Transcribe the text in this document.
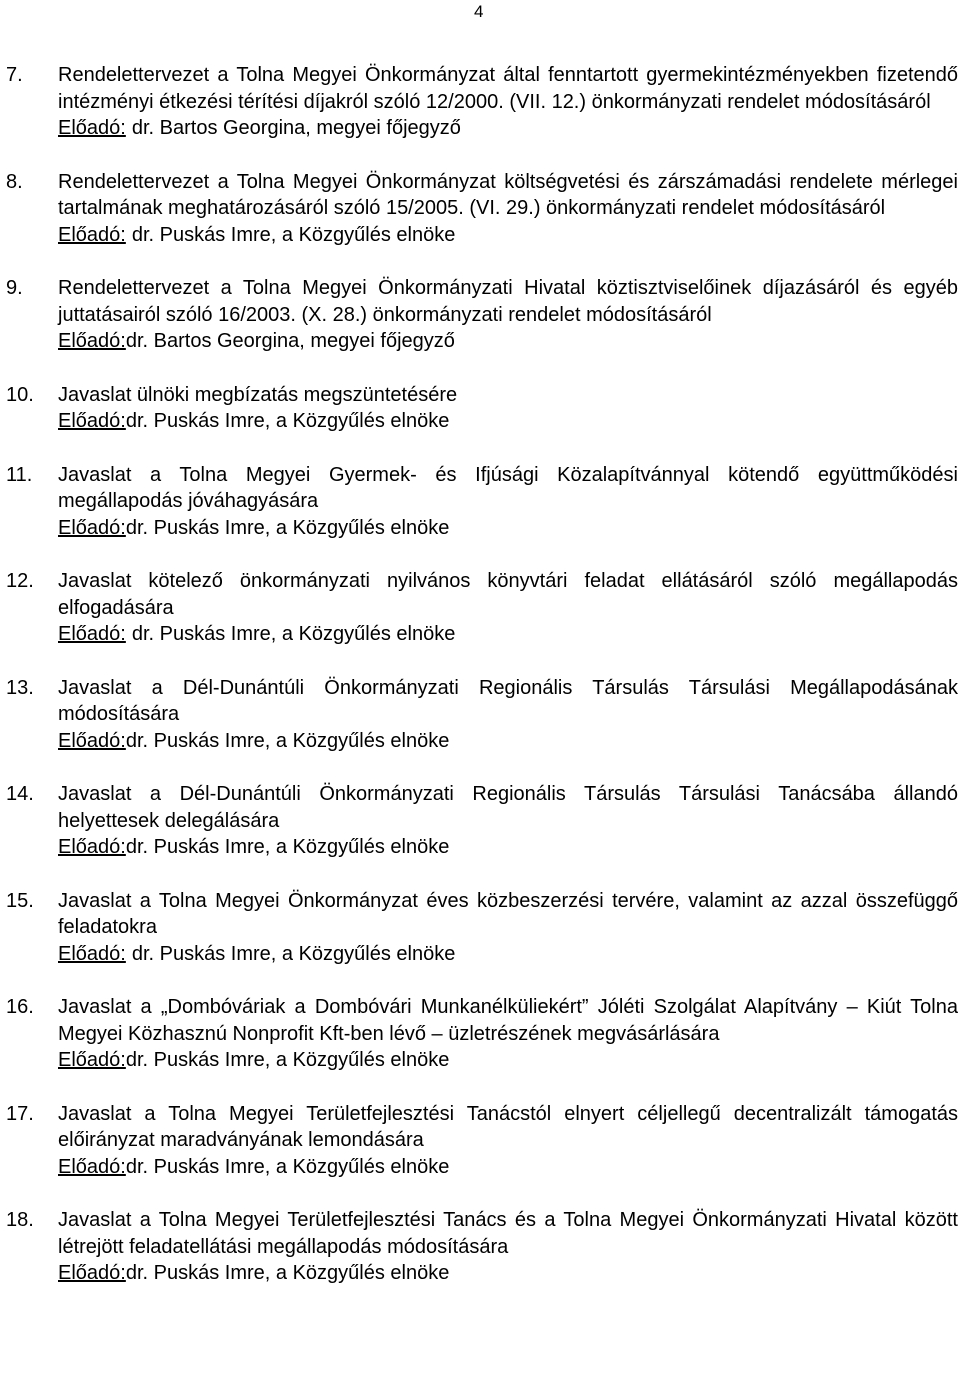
4
7.	Rendelettervezet a Tolna Megyei Önkormányzat által fenntartott gyermekintézményekben fizetendő intézményi étkezési térítési díjakról szóló 12/2000. (VII. 12.) önkormányzati rendelet módosításáról
Előadó: dr. Bartos Georgina, megyei főjegyző
8.	Rendelettervezet a Tolna Megyei Önkormányzat költségvetési és zárszámadási rendelete mérlegei tartalmának meghatározásáról szóló 15/2005. (VI. 29.) önkormányzati rendelet módosításáról
Előadó: dr. Puskás Imre, a Közgyűlés elnöke
9.	Rendelettervezet a Tolna Megyei Önkormányzati Hivatal köztisztviselőinek díjazásáról és egyéb juttatásairól szóló 16/2003. (X. 28.) önkormányzati rendelet módosításáról
Előadó:dr. Bartos Georgina, megyei főjegyző
10.	Javaslat ülnöki megbízatás megszüntetésére
Előadó:dr. Puskás Imre, a Közgyűlés elnöke
11.	Javaslat a Tolna Megyei Gyermek- és Ifjúsági Közalapítvánnyal kötendő együttműködési megállapodás jóváhagyására
Előadó:dr. Puskás Imre, a Közgyűlés elnöke
12.	Javaslat kötelező önkormányzati nyilvános könyvtári feladat ellátásáról szóló megállapodás elfogadására
Előadó: dr. Puskás Imre, a Közgyűlés elnöke
13.	Javaslat a Dél-Dunántúli Önkormányzati Regionális Társulás Társulási Megállapodásának módosítására
Előadó:dr. Puskás Imre, a Közgyűlés elnöke
14.	Javaslat a Dél-Dunántúli Önkormányzati Regionális Társulás Társulási Tanácsába állandó helyettesek delegálására
Előadó:dr. Puskás Imre, a Közgyűlés elnöke
15.	Javaslat a Tolna Megyei Önkormányzat éves közbeszerzési tervére, valamint az azzal összefüggő feladatokra
Előadó: dr. Puskás Imre, a Közgyűlés elnöke
16.	Javaslat a „Dombóváriak a Dombóvári Munkanélküliekért” Jóléti Szolgálat Alapítvány – Kiút Tolna Megyei Közhasznú Nonprofit Kft-ben lévő – üzletrészének megvásárlására
Előadó:dr. Puskás Imre, a Közgyűlés elnöke
17.	Javaslat a Tolna Megyei Területfejlesztési Tanácstól elnyert céljellegű decentralizált támogatás előirányzat maradványának lemondására
Előadó:dr. Puskás Imre, a Közgyűlés elnöke
18.	Javaslat a Tolna Megyei Területfejlesztési Tanács és a Tolna Megyei Önkormányzati Hivatal között létrejött feladatellátási megállapodás módosítására
Előadó:dr. Puskás Imre, a Közgyűlés elnöke
